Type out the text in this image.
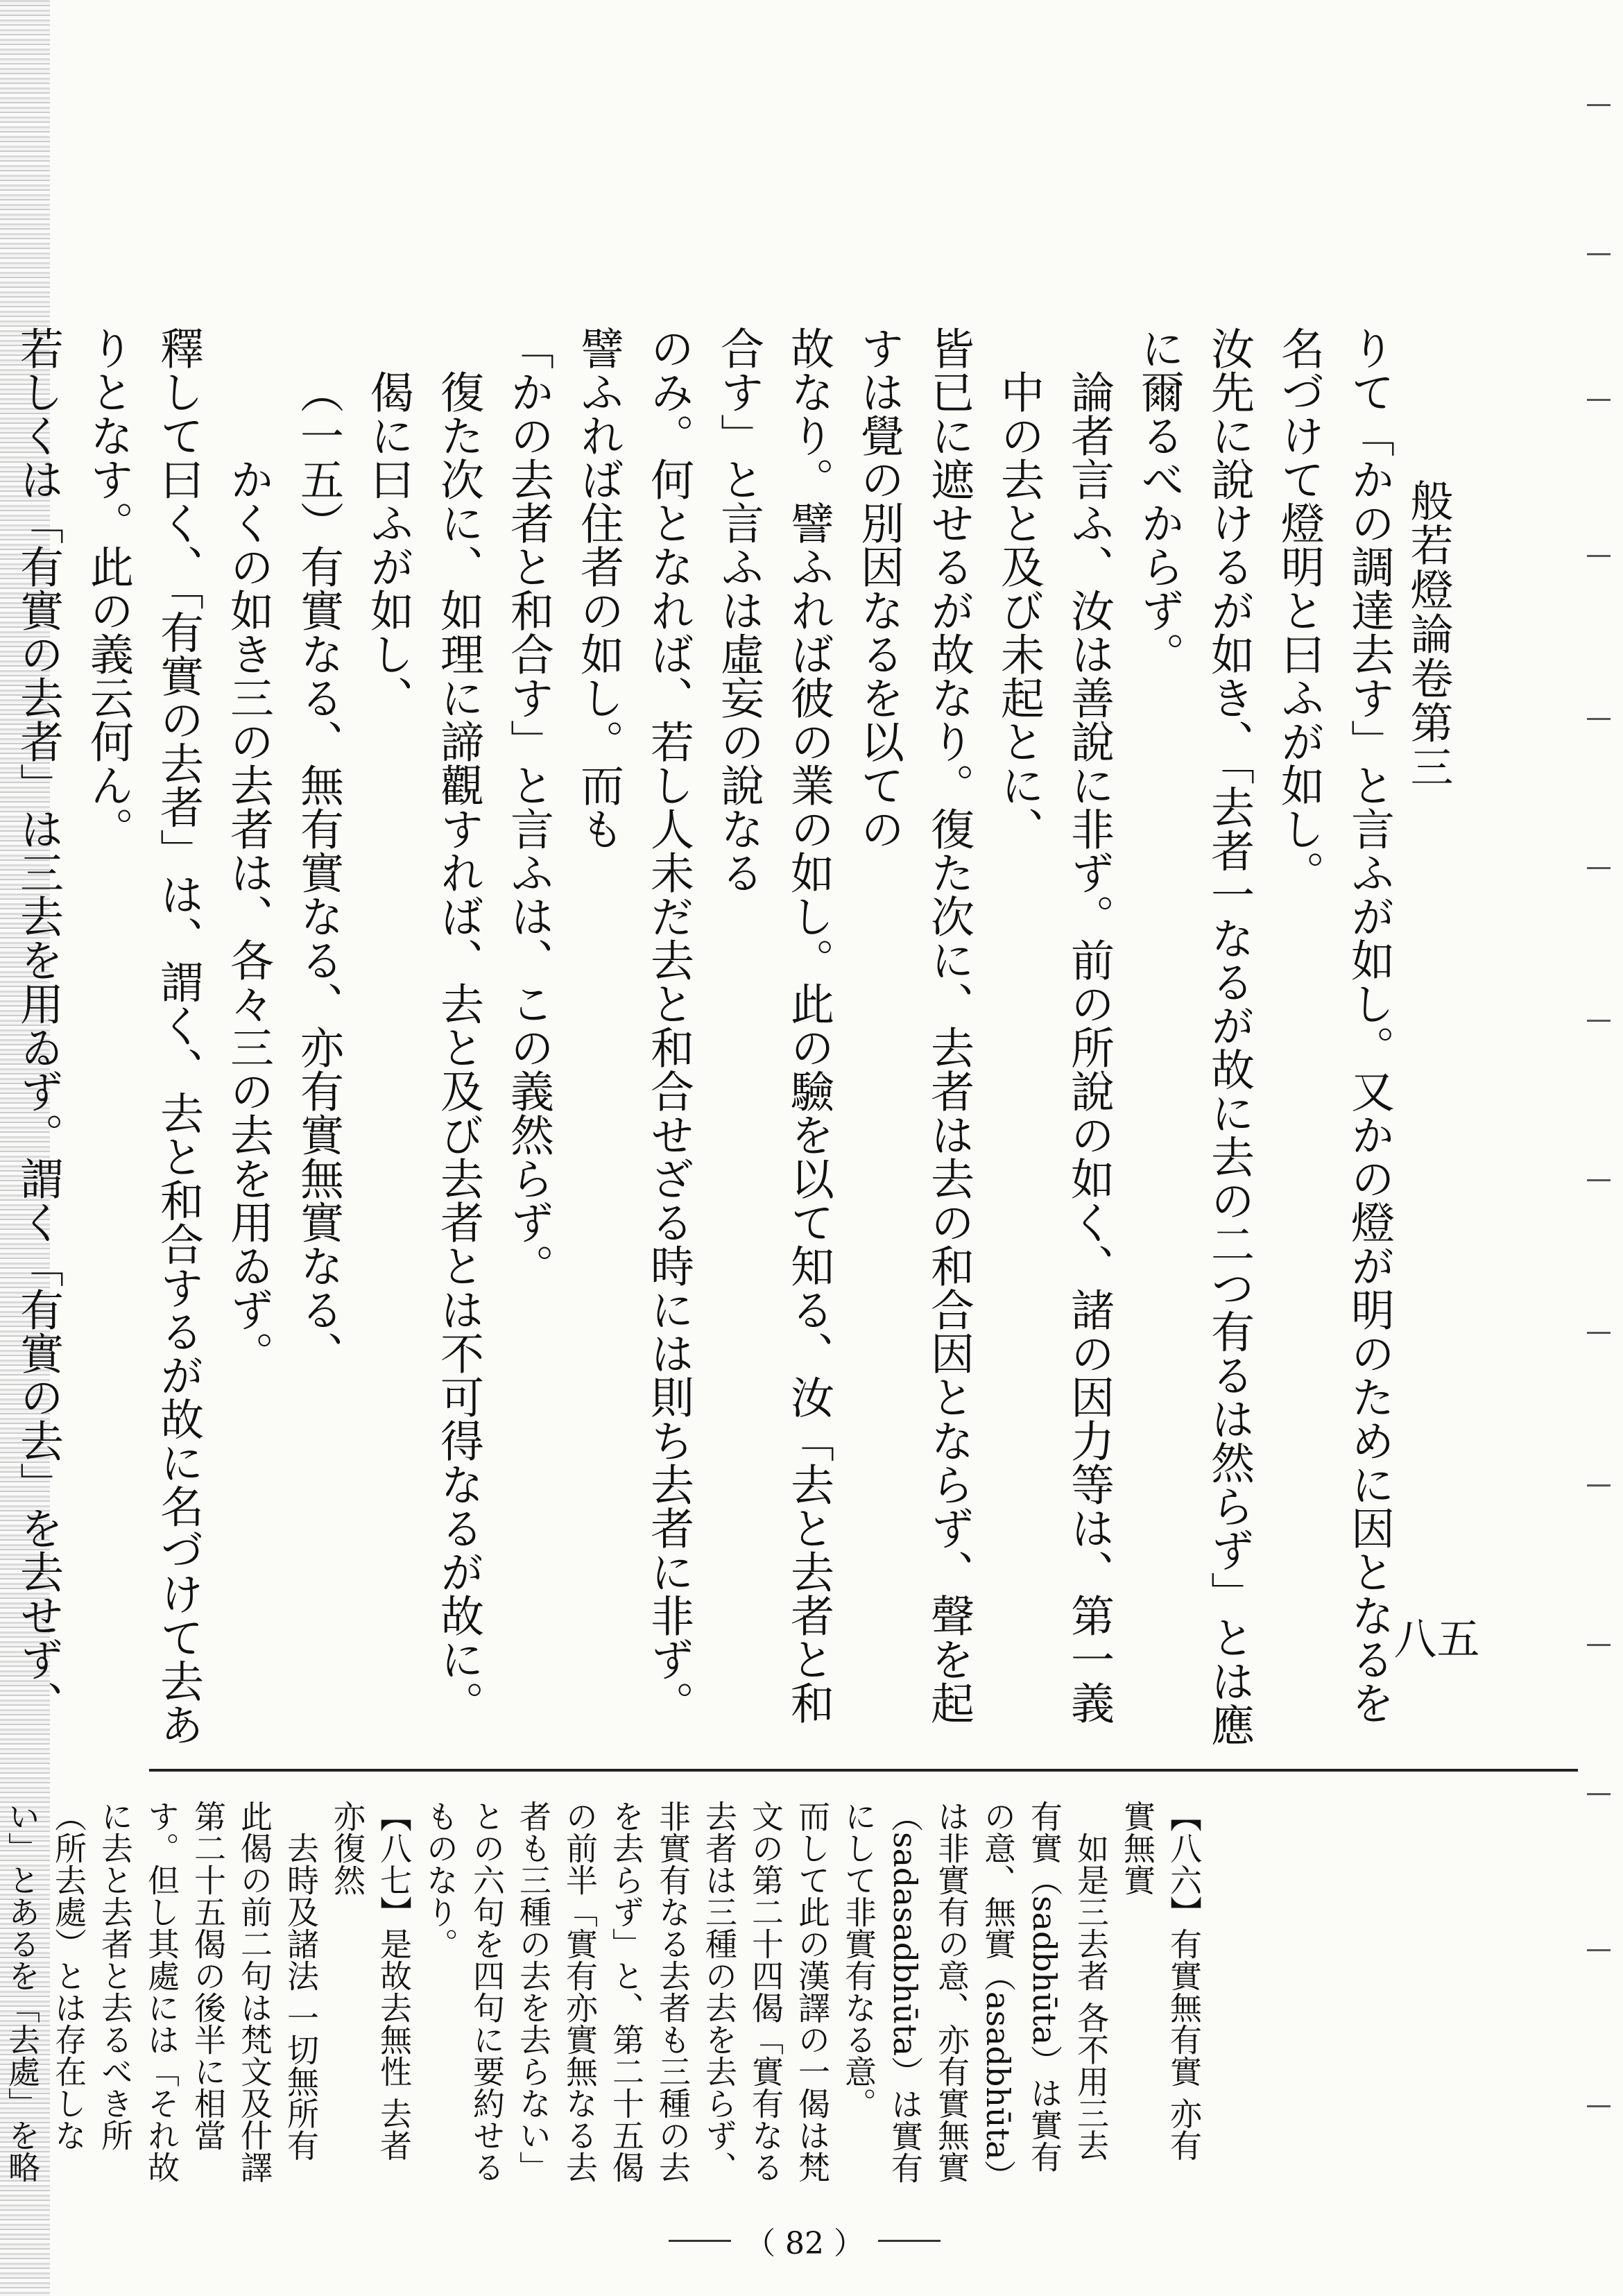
般若燈論卷第三
五八

りて「かの調達去す」と言ふが如し。又かの燈が明のために因となるを名づけて燈明と曰ふが如し。

汝先に說けるが如き、「去者一なるが故に去の二つ有るは然らず」とは應に爾るべからず。

論者言ふ、汝は善說に非ず。前の所說の如く、諸の因力等は、第一義中の去と及び未起とに、

皆已に遮せるが故なり。復た次に、去者は去の和合因とならず、聲を起すは覺の別因なるを以ての

故なり。譬ふれば彼の業の如し。此の驗を以て知る、汝「去と去者と和合す」と言ふは虛妄の說なる

のみ。何となれば、若し人未だ去と和合せざる時には則ち去者に非ず。譬ふれば住者の如し。而も

「かの去者と和合す」と言ふは、この義然らず。

復た次に、如理に諦觀すれば、去と及び去者とは不可得なるが故に。偈に曰ふが如し、

（一五）有實なる、無有實なる、亦有實無實なる、

かくの如き三の去者は、各々三の去を用ゐず。

釋して曰く、「有實の去者」は、謂く、去と和合するが故に名づけて去ありとなす。此の義云何ん。

若しくは「有實の去者」は三去を用ゐず。謂く「有實の去」を去せず、

【八六】有實無有實 亦有實無實

如是三去者 各不用三去

有實（sadbhūta）は實有の意、無實（asadbhūta）は非實有の意、亦有實無實（sadasadbhūta）は實有にして非實有なる意。

而して此の漢譯の一偈は梵文の第二十四偈「實有なる去者は三種の去を去らず、非實有なる去者も三種の去を去らず」と、第二十五偈の前半「實有亦實無なる去者も三種の去を去らない」との六句を四句に要約せるものなり。

【八七】是故去無性 去者亦復然

去時及諸法 一切無所有

此偈の前二句は梵文及什譯第二十五偈の後半に相當す。但し其處には「それ故に去と去者と去るべき所（所去處）とは存在しない」とあるを「去處」を略

（ 82 ）
